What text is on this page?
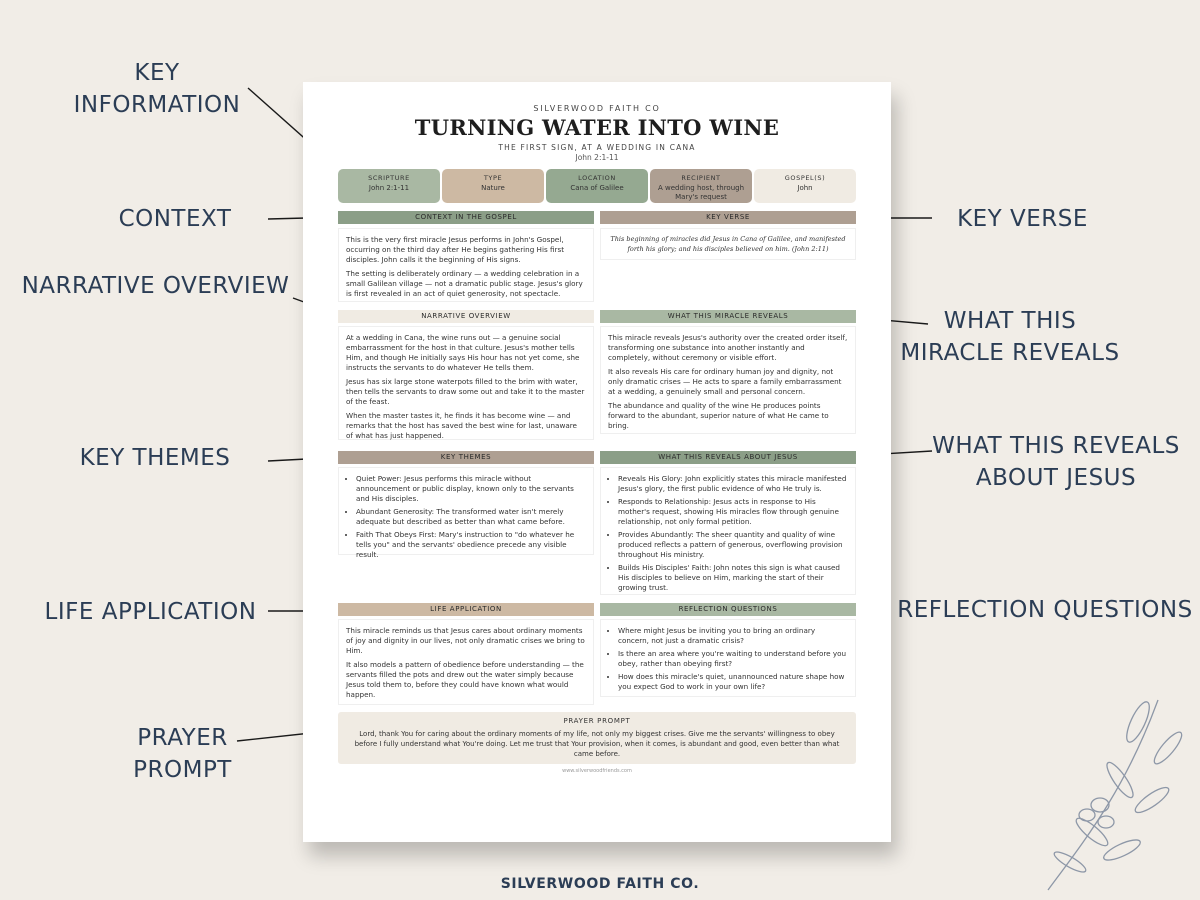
KEY
INFORMATION
CONTEXT
NARRATIVE OVERVIEW
KEY THEMES
LIFE APPLICATION
PRAYER
PROMPT
KEY VERSE
WHAT THIS
MIRACLE REVEALS
WHAT THIS REVEALS
ABOUT JESUS
REFLECTION QUESTIONS
SILVERWOOD FAITH CO
TURNING WATER INTO WINE
THE FIRST SIGN, AT A WEDDING IN CANA
John 2:1-11
SCRIPTURE
John 2:1-11
TYPE
Nature
LOCATION
Cana of Galilee
RECIPIENT
A wedding host, through Mary's request
GOSPEL(S)
John
CONTEXT IN THE GOSPEL

This is the very first miracle Jesus performs in John's Gospel, occurring on the third day after He begins gathering His first disciples. John calls it the beginning of His signs.

The setting is deliberately ordinary — a wedding celebration in a small Galilean village — not a dramatic public stage. Jesus's glory is first revealed in an act of quiet generosity, not spectacle.

KEY VERSE
This beginning of miracles did Jesus in Cana of Galilee, and manifested forth his glory; and his disciples believed on him. (John 2:11)
NARRATIVE OVERVIEW

At a wedding in Cana, the wine runs out — a genuine social embarrassment for the host in that culture. Jesus's mother tells Him, and though He initially says His hour has not yet come, she instructs the servants to do whatever He tells them.

Jesus has six large stone waterpots filled to the brim with water, then tells the servants to draw some out and take it to the master of the feast.

When the master tastes it, he finds it has become wine — and remarks that the host has saved the best wine for last, unaware of what has just happened.

WHAT THIS MIRACLE REVEALS

This miracle reveals Jesus's authority over the created order itself, transforming one substance into another instantly and completely, without ceremony or visible effort.

It also reveals His care for ordinary human joy and dignity, not only dramatic crises — He acts to spare a family embarrassment at a wedding, a genuinely small and personal concern.

The abundance and quality of the wine He produces points forward to the abundant, superior nature of what He came to bring.

KEY THEMES
• Quiet Power: Jesus performs this miracle without announcement or public display, known only to the servants and His disciples.
• Abundant Generosity: The transformed water isn't merely adequate but described as better than what came before.
• Faith That Obeys First: Mary's instruction to "do whatever he tells you" and the servants' obedience precede any visible result.
WHAT THIS REVEALS ABOUT JESUS
• Reveals His Glory: John explicitly states this miracle manifested Jesus's glory, the first public evidence of who He truly is.
• Responds to Relationship: Jesus acts in response to His mother's request, showing His miracles flow through genuine relationship, not only formal petition.
• Provides Abundantly: The sheer quantity and quality of wine produced reflects a pattern of generous, overflowing provision throughout His ministry.
• Builds His Disciples' Faith: John notes this sign is what caused His disciples to believe on Him, marking the start of their growing trust.
LIFE APPLICATION

This miracle reminds us that Jesus cares about ordinary moments of joy and dignity in our lives, not only dramatic crises we bring to Him.

It also models a pattern of obedience before understanding — the servants filled the pots and drew out the water simply because Jesus told them to, before they could have known what would happen.

REFLECTION QUESTIONS
• Where might Jesus be inviting you to bring an ordinary concern, not just a dramatic crisis?
• Is there an area where you're waiting to understand before you obey, rather than obeying first?
• How does this miracle's quiet, unannounced nature shape how you expect God to work in your own life?
PRAYER PROMPT
Lord, thank You for caring about the ordinary moments of my life, not only my biggest crises. Give me the servants' willingness to obey before I fully understand what You're doing. Let me trust that Your provision, when it comes, is abundant and good, even better than what came before.
www.silverwoodfriends.com
SILVERWOOD FAITH CO.
